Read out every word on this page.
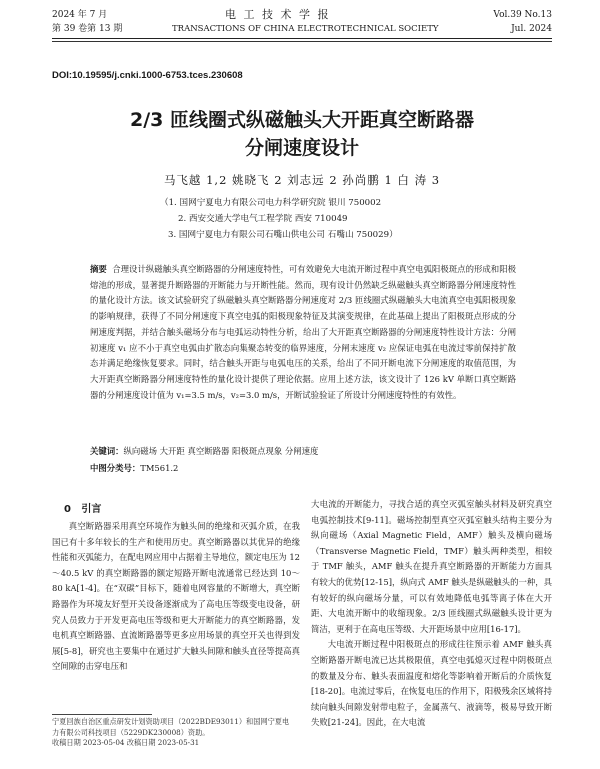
2024 年 7 月
第 39 卷第 13 期
电 工 技 术 学 报
TRANSACTIONS OF CHINA ELECTROTECHNICAL SOCIETY
Vol.39 No.13
Jul. 2024
DOI:10.19595/j.cnki.1000-6753.tces.230608
2/3 匝线圈式纵磁触头大开距真空断路器
分闸速度设计
马飞越 1,2 姚晓飞 2 刘志远 2 孙尚鹏 1 白 涛 3
（1. 国网宁夏电力有限公司电力科学研究院 银川 750002
2. 西安交通大学电气工程学院 西安 710049
3. 国网宁夏电力有限公司石嘴山供电公司 石嘴山 750029）
摘要 合理设计纵磁触头真空断路器的分闸速度特性，可有效避免大电流开断过程中真空电弧阳极斑点的形成和阳极熔池的形成，显著提升断路器的开断能力与开断性能。然而，现有设计仍然缺乏纵磁触头真空断路器分闸速度特性的量化设计方法。该文试验研究了纵磁触头真空断路器分闸速度对 2/3 匝线圈式纵磁触头大电流真空电弧阳极现象的影响规律，获得了不同分闸速度下真空电弧的阳极现象特征及其演变规律，在此基础上提出了阳极斑点形成的分闸速度判据，并结合触头磁场分布与电弧运动特性分析，给出了大开距真空断路器的分闸速度特性设计方法：分闸初速度 v₁ 应不小于真空电弧由扩散态向集聚态转变的临界速度，分闸末速度 v₂ 应保证电弧在电流过零前保持扩散态并满足绝缘恢复要求。同时，结合触头开距与电弧电压的关系，给出了不同开断电流下分闸速度的取值范围，为大开距真空断路器分闸速度特性的量化设计提供了理论依据。应用上述方法，该文设计了 126 kV 单断口真空断路器的分闸速度设计值为 v₁=3.5 m/s，v₂=3.0 m/s，开断试验验证了所设计分闸速度特性的有效性。
关键词：纵向磁场 大开距 真空断路器 阳极斑点现象 分闸速度
中图分类号：TM561.2
0 引言

真空断路器采用真空环境作为触头间的绝缘和灭弧介质，在我国已有十多年较长的生产和使用历史。真空断路器以其优异的绝缘性能和灭弧能力，在配电网应用中占据着主导地位，额定电压为 12～40.5 kV 的真空断路器的额定短路开断电流通常已经达到 10～80 kA[1-4]。在“双碳”目标下，随着电网容量的不断增大，真空断路器作为环境友好型开关设备逐渐成为了高电压等级变电设备，研究人员致力于开发更高电压等级和更大开断能力的真空断路器，发电机真空断路器、直流断路器等更多应用场景的真空开关也得到发展[5-8]，研究也主要集中在通过扩大触头间隙和触头直径等提高真空间隙的击穿电压和

大电流的开断能力，寻找合适的真空灭弧室触头材料及研究真空电弧控制技术[9-11]。磁场控制型真空灭弧室触头结构主要分为纵向磁场（Axial Magnetic Field，AMF）触头及横向磁场（Transverse Magnetic Field，TMF）触头两种类型，相较于 TMF 触头，AMF 触头在提升真空断路器的开断能力方面具有较大的优势[12-15]，纵向式 AMF 触头是纵磁触头的一种，具有较好的纵向磁场分量，可以有效地降低电弧等离子体在大开距、大电流开断中的收缩现象。2/3 匝线圈式纵磁触头设计更为简洁，更利于在高电压等级、大开距场景中应用[16-17]。

大电流开断过程中阳极斑点的形成往往预示着 AMF 触头真空断路器开断电流已达其极限值，真空电弧熄灭过程中阴极斑点的数量及分布、触头表面温度和熔化等影响着开断后的介质恢复[18-20]。电流过零后，在恢复电压的作用下，阳极残余区域将持续向触头间隙发射带电粒子，金属蒸气、液滴等，极易导致开断失败[21-24]。因此，在大电流

宁夏回族自治区重点研发计划资助项目（2022BDE93011）和国网宁夏电
力有限公司科技项目（5229DK230008）资助。
收稿日期 2023-05-04 改稿日期 2023-05-31
